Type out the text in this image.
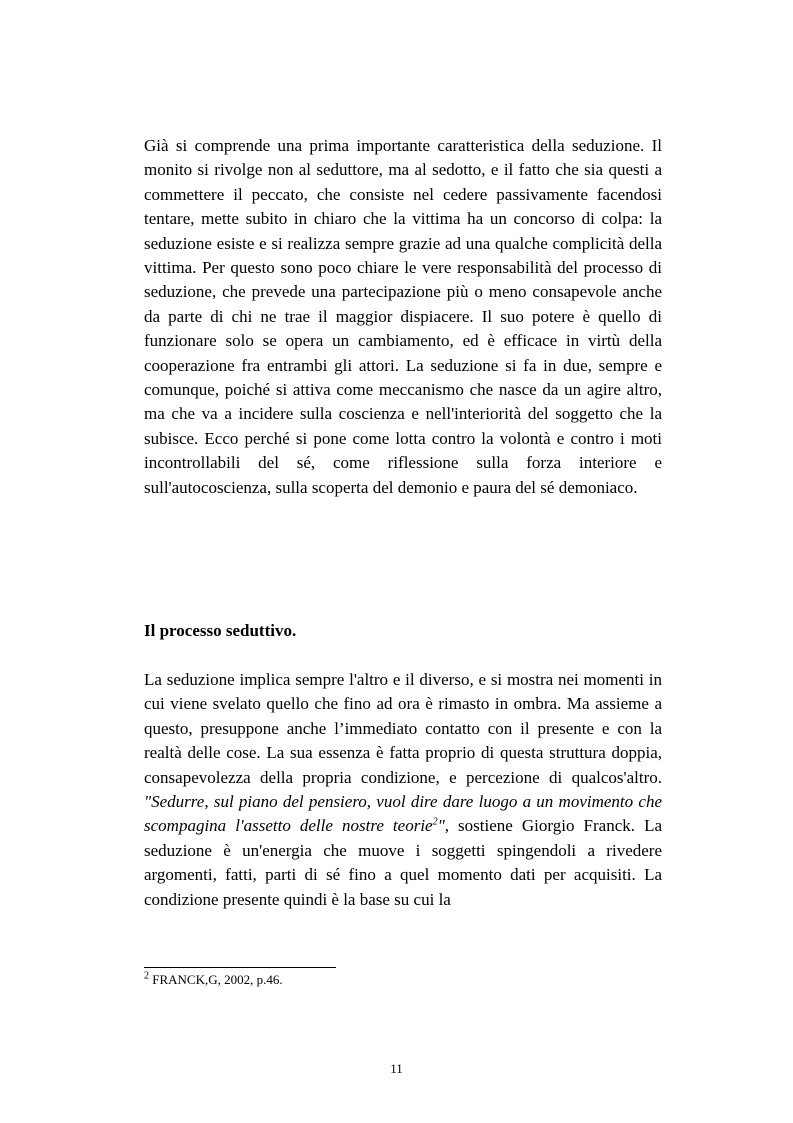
Già si comprende una prima importante caratteristica della seduzione. Il monito si rivolge non al seduttore, ma al sedotto, e il fatto che sia questi a commettere il peccato, che consiste nel cedere passivamente facendosi tentare, mette subito in chiaro che la vittima ha un concorso di colpa: la seduzione esiste e si realizza sempre grazie ad una qualche complicità della vittima. Per questo sono poco chiare le vere responsabilità del processo di seduzione, che prevede una partecipazione più o meno consapevole anche da parte di chi ne trae il maggior dispiacere. Il suo potere è quello di funzionare solo se opera un cambiamento, ed è efficace in virtù della cooperazione fra entrambi gli attori. La seduzione si fa in due, sempre e comunque, poiché si attiva come meccanismo che nasce da un agire altro, ma che va a incidere sulla coscienza e nell'interiorità del soggetto che la subisce. Ecco perché si pone come lotta contro la volontà e contro i moti incontrollabili del sé, come riflessione sulla forza interiore e sull'autocoscienza, sulla scoperta del demonio e paura del sé demoniaco.

Il processo seduttivo.

La seduzione implica sempre l'altro e il diverso, e si mostra nei momenti in cui viene svelato quello che fino ad ora è rimasto in ombra. Ma assieme a questo, presuppone anche l’immediato contatto con il presente e con la realtà delle cose. La sua essenza è fatta proprio di questa struttura doppia, consapevolezza della propria condizione, e percezione di qualcos'altro. "Sedurre, sul piano del pensiero, vuol dire dare luogo a un movimento che scompagina l'assetto delle nostre teorie$^2$", sostiene Giorgio Franck. La seduzione è un'energia che muove i soggetti spingendoli a rivedere argomenti, fatti, parti di sé fino a quel momento dati per acquisiti. La condizione presente quindi è la base su cui la

$^2$ FRANCK,G, 2002, p.46.

11
